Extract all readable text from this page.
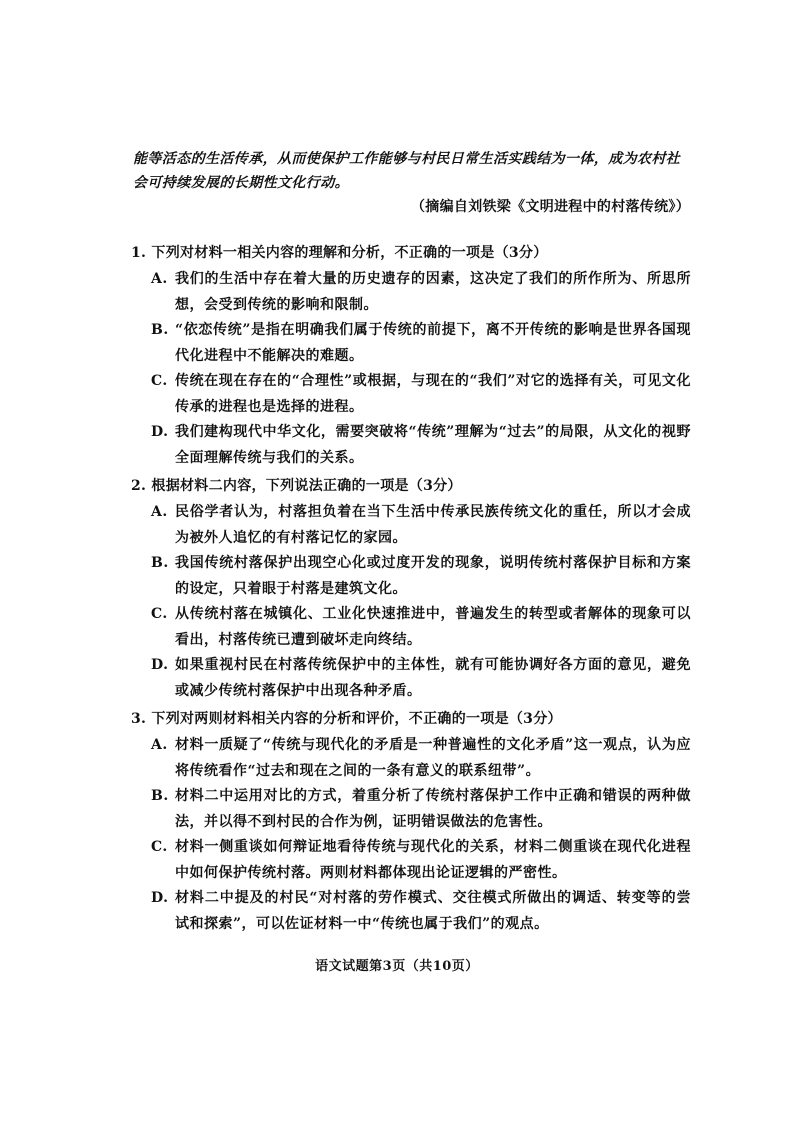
能等活态的生活传承，从而使保护工作能够与村民日常生活实践结为一体，成为农村社会可持续发展的长期性文化行动。
（摘编自刘铁梁《文明进程中的村落传统》）
1. 下列对材料一相关内容的理解和分析，不正确的一项是（3分）
A. 我们的生活中存在着大量的历史遗存的因素，这决定了我们的所作所为、所思所想，会受到传统的影响和限制。
B. “依恋传统”是指在明确我们属于传统的前提下，离不开传统的影响是世界各国现代化进程中不能解决的难题。
C. 传统在现在存在的“合理性”或根据，与现在的“我们”对它的选择有关，可见文化传承的进程也是选择的进程。
D. 我们建构现代中华文化，需要突破将“传统”理解为“过去”的局限，从文化的视野全面理解传统与我们的关系。
2. 根据材料二内容，下列说法正确的一项是（3分）
A. 民俗学者认为，村落担负着在当下生活中传承民族传统文化的重任，所以才会成为被外人追忆的有村落记忆的家园。
B. 我国传统村落保护出现空心化或过度开发的现象，说明传统村落保护目标和方案的设定，只着眼于村落是建筑文化。
C. 从传统村落在城镇化、工业化快速推进中，普遍发生的转型或者解体的现象可以看出，村落传统已遭到破坏走向终结。
D. 如果重视村民在村落传统保护中的主体性，就有可能协调好各方面的意见，避免或减少传统村落保护中出现各种矛盾。
3. 下列对两则材料相关内容的分析和评价，不正确的一项是（3分）
A. 材料一质疑了“传统与现代化的矛盾是一种普遍性的文化矛盾”这一观点，认为应将传统看作“过去和现在之间的一条有意义的联系纽带”。
B. 材料二中运用对比的方式，着重分析了传统村落保护工作中正确和错误的两种做法，并以得不到村民的合作为例，证明错误做法的危害性。
C. 材料一侧重谈如何辩证地看待传统与现代化的关系，材料二侧重谈在现代化进程中如何保护传统村落。两则材料都体现出论证逻辑的严密性。
D. 材料二中提及的村民“对村落的劳作模式、交往模式所做出的调适、转变等的尝试和探索”，可以佐证材料一中“传统也属于我们”的观点。
语文试题第3页（共10页）
